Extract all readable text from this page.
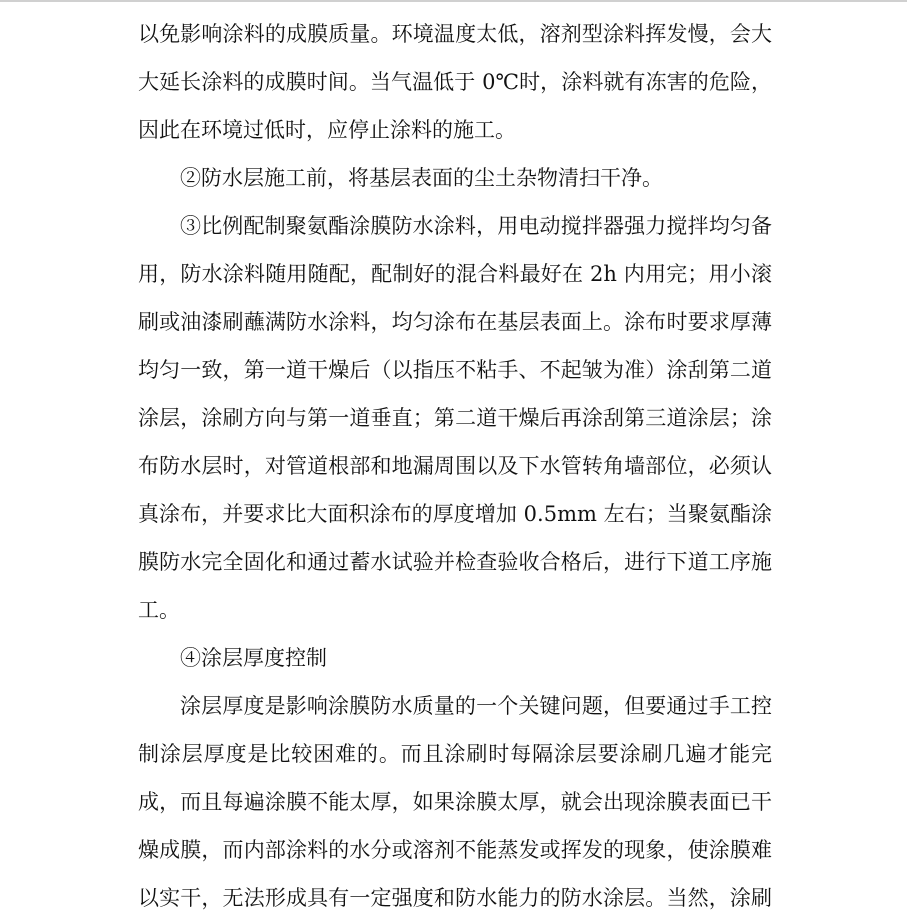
以免影响涂料的成膜质量。环境温度太低，溶剂型涂料挥发慢，会大
大延长涂料的成膜时间。当气温低于 0℃时，涂料就有冻害的危险，
因此在环境过低时，应停止涂料的施工。
②防水层施工前，将基层表面的尘土杂物清扫干净。
③比例配制聚氨酯涂膜防水涂料，用电动搅拌器强力搅拌均匀备
用，防水涂料随用随配，配制好的混合料最好在 2h 内用完；用小滚
刷或油漆刷蘸满防水涂料，均匀涂布在基层表面上。涂布时要求厚薄
均匀一致，第一道干燥后（以指压不粘手、不起皱为准）涂刮第二道
涂层，涂刷方向与第一道垂直；第二道干燥后再涂刮第三道涂层；涂
布防水层时，对管道根部和地漏周围以及下水管转角墙部位，必须认
真涂布，并要求比大面积涂布的厚度增加 0.5mm 左右；当聚氨酯涂
膜防水完全固化和通过蓄水试验并检查验收合格后，进行下道工序施
工。
④涂层厚度控制
涂层厚度是影响涂膜防水质量的一个关键问题，但要通过手工控
制涂层厚度是比较困难的。而且涂刷时每隔涂层要涂刷几遍才能完
成，而且每遍涂膜不能太厚，如果涂膜太厚，就会出现涂膜表面已干
燥成膜，而内部涂料的水分或溶剂不能蒸发或挥发的现象，使涂膜难
以实干，无法形成具有一定强度和防水能力的防水涂层。当然，涂刷
